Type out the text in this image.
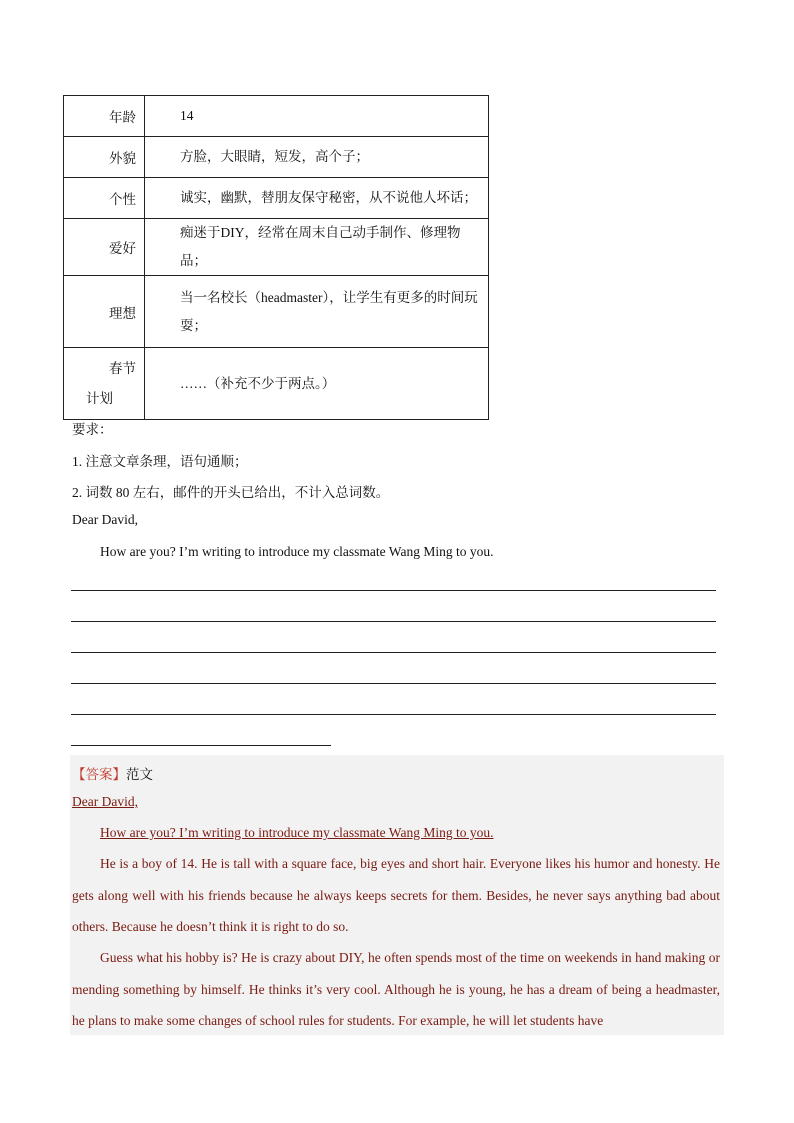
年龄	14
外貌	方脸，大眼睛，短发，高个子；
个性	诚实，幽默，替朋友保守秘密，从不说他人坏话；
爱好	痴迷于DIY，经常在周末自己动手制作、修理物品；
理想	当一名校长（headmaster），让学生有更多的时间玩耍；

春节
计划	……（补充不少于两点。）
要求：
1. 注意文章条理，语句通顺；
2. 词数 80 左右，邮件的开头已给出，不计入总词数。
Dear David,
How are you? I’m writing to introduce my classmate Wang Ming to you.
【答案】范文
Dear David,
How are you? I’m writing to introduce my classmate Wang Ming to you.
He is a boy of 14. He is tall with a square face, big eyes and short hair. Everyone likes his humor and honesty. He gets along well with his friends because he always keeps secrets for them. Besides, he never says anything bad about others. Because he doesn’t think it is right to do so.
Guess what his hobby is? He is crazy about DIY, he often spends most of the time on weekends in hand making or mending something by himself. He thinks it’s very cool. Although he is young, he has a dream of being a headmaster, he plans to make some changes of school rules for students. For example, he will let students have
